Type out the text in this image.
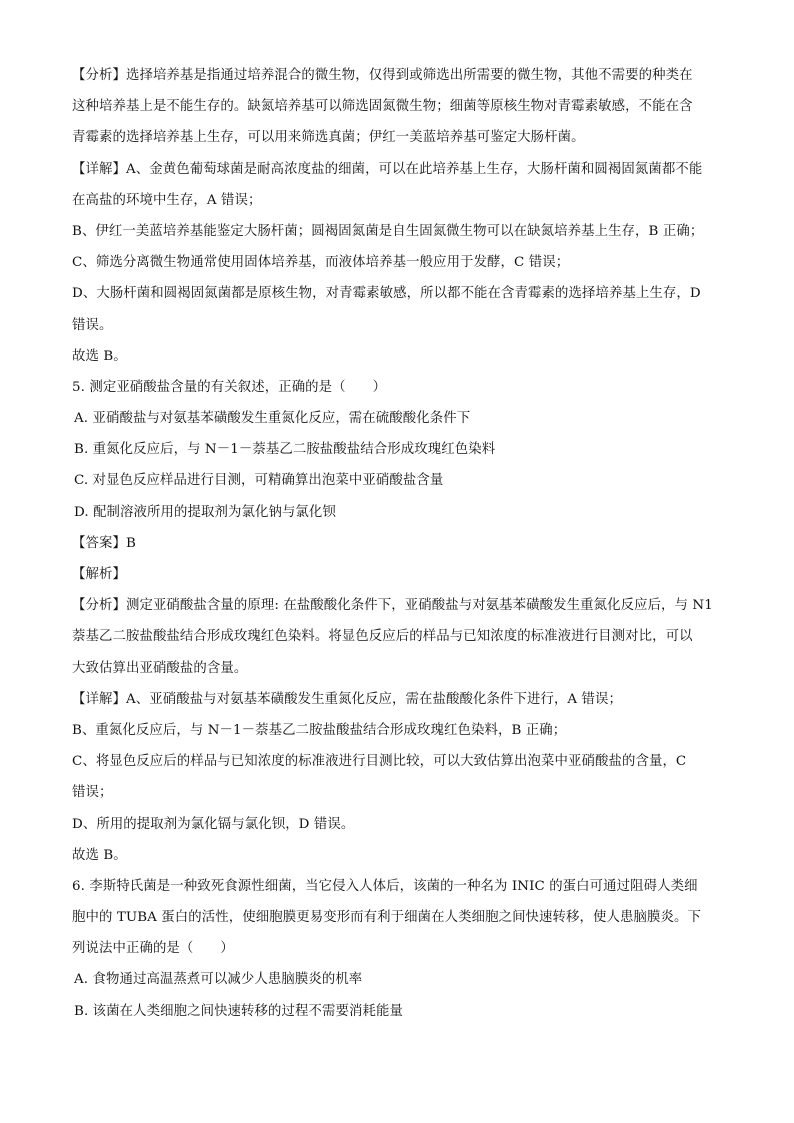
【分析】选择培养基是指通过培养混合的微生物，仅得到或筛选出所需要的微生物，其他不需要的种类在
这种培养基上是不能生存的。缺氮培养基可以筛选固氮微生物；细菌等原核生物对青霉素敏感，不能在含
青霉素的选择培养基上生存，可以用来筛选真菌；伊红一美蓝培养基可鉴定大肠杆菌。
【详解】A、金黄色葡萄球菌是耐高浓度盐的细菌，可以在此培养基上生存，大肠杆菌和圆褐固氮菌都不能
在高盐的环境中生存，A 错误；
B、伊红一美蓝培养基能鉴定大肠杆菌；圆褐固氮菌是自生固氮微生物可以在缺氮培养基上生存，B 正确；
C、筛选分离微生物通常使用固体培养基，而液体培养基一般应用于发酵，C 错误；
D、大肠杆菌和圆褐固氮菌都是原核生物，对青霉素敏感，所以都不能在含青霉素的选择培养基上生存，D
错误。
故选 B。
5. 测定亚硝酸盐含量的有关叙述，正确的是（　　）
A. 亚硝酸盐与对氨基苯磺酸发生重氮化反应，需在硫酸酸化条件下
B. 重氮化反应后，与 N－1－萘基乙二胺盐酸盐结合形成玫瑰红色染料
C. 对显色反应样品进行目测，可精确算出泡菜中亚硝酸盐含量
D. 配制溶液所用的提取剂为氯化钠与氯化钡
【答案】B
【解析】
【分析】测定亚硝酸盐含量的原理: 在盐酸酸化条件下，亚硝酸盐与对氨基苯磺酸发生重氮化反应后，与 N1
萘基乙二胺盐酸盐结合形成玫瑰红色染料。将显色反应后的样品与已知浓度的标准液进行目测对比，可以
大致估算出亚硝酸盐的含量。
【详解】A、亚硝酸盐与对氨基苯磺酸发生重氮化反应，需在盐酸酸化条件下进行，A 错误；
B、重氮化反应后，与 N－1－萘基乙二胺盐酸盐结合形成玫瑰红色染料，B 正确；
C、将显色反应后的样品与已知浓度的标准液进行目测比较，可以大致估算出泡菜中亚硝酸盐的含量，C
错误；
D、所用的提取剂为氯化镉与氯化钡，D 错误。
故选 B。
6. 李斯特氏菌是一种致死食源性细菌，当它侵入人体后，该菌的一种名为 INIC 的蛋白可通过阻碍人类细
胞中的 TUBA 蛋白的活性，使细胞膜更易变形而有利于细菌在人类细胞之间快速转移，使人患脑膜炎。下
列说法中正确的是（　　）
A. 食物通过高温蒸煮可以减少人患脑膜炎的机率
B. 该菌在人类细胞之间快速转移的过程不需要消耗能量
